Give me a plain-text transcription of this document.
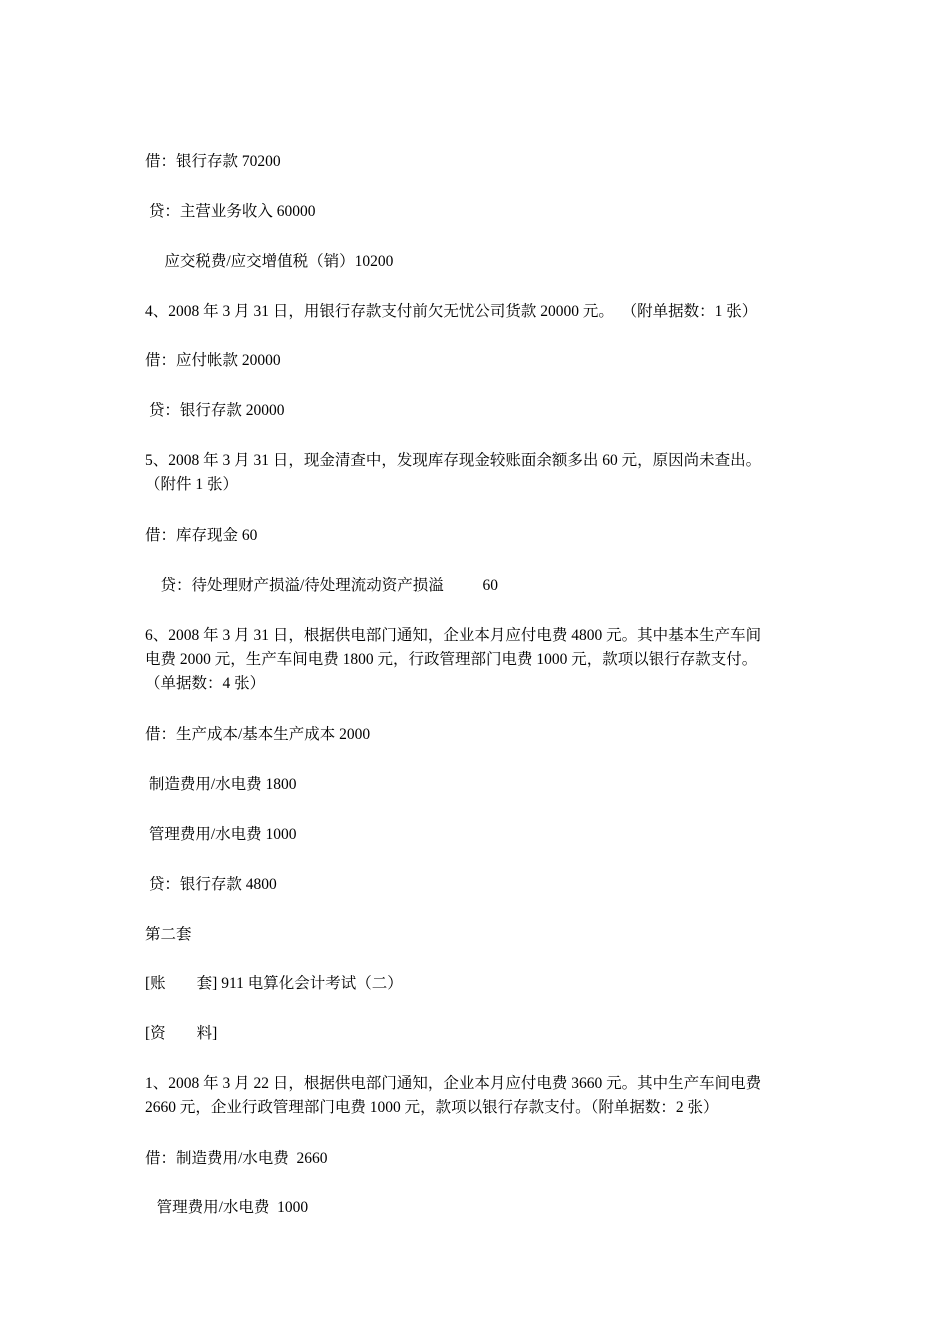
借：银行存款 70200

贷：主营业务收入 60000

应交税费/应交增值税（销）10200

4、2008 年 3 月 31 日，用银行存款支付前欠无忧公司货款 20000 元。  （附单据数：1 张）

借：应付帐款 20000

贷：银行存款 20000

5、2008 年 3 月 31 日，现金清查中，发现库存现金较账面余额多出 60 元，原因尚未查出。

（附件 1 张）

借：库存现金 60

贷：待处理财产损溢/待处理流动资产损溢          60

6、2008 年 3 月 31 日，根据供电部门通知，企业本月应付电费 4800 元。其中基本生产车间

电费 2000 元，生产车间电费 1800 元，行政管理部门电费 1000 元，款项以银行存款支付。

（单据数：4 张）

借：生产成本/基本生产成本 2000

制造费用/水电费 1800

管理费用/水电费 1000

贷：银行存款 4800

第二套

[账        套] 911 电算化会计考试（二）

[资        料]

1、2008 年 3 月 22 日，根据供电部门通知，企业本月应付电费 3660 元。其中生产车间电费

2660 元，企业行政管理部门电费 1000 元，款项以银行存款支付。（附单据数：2 张）

借：制造费用/水电费  2660

管理费用/水电费  1000
